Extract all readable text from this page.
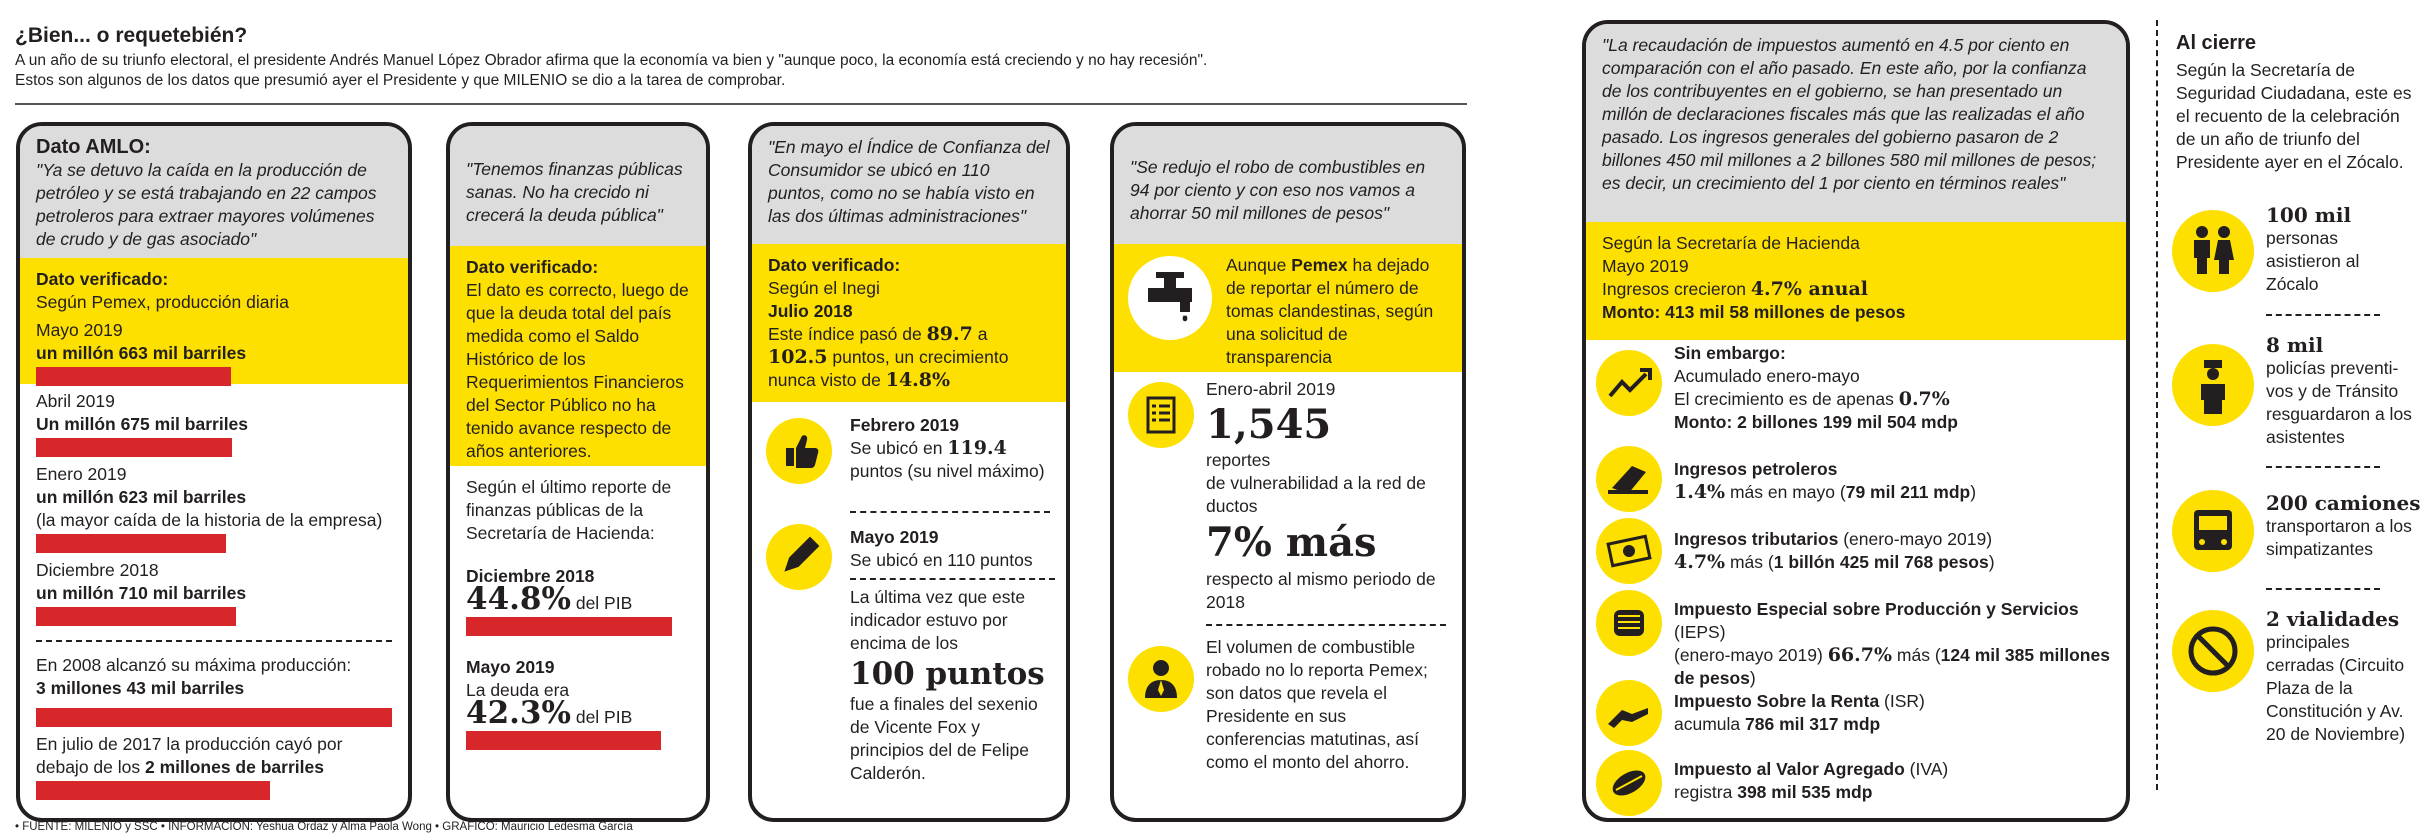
¿Bien... o requetebién?
A un año de su triunfo electoral, el presidente Andrés Manuel López Obrador afirma que la economía va bien y "aunque poco, la economía está creciendo y no hay recesión".
Estos son algunos de los datos que presumió ayer el Presidente y que MILENIO se dio a la tarea de comprobar.
Dato AMLO:
"Ya se detuvo la caída en la producción de petróleo y se está trabajando en 22 campos petroleros para extraer mayores volúmenes de crudo y de gas asociado"
Dato verificado:
Según Pemex, producción diaria
Mayo 2019
un millón 663 mil barriles
Abril 2019
Un millón 675 mil barriles
Enero 2019
un millón 623 mil barriles
(la mayor caída de la historia de la empresa)
Diciembre 2018
un millón 710 mil barriles
En 2008 alcanzó su máxima producción:
3 millones 43 mil barriles
En julio de 2017 la producción cayó por debajo de los 2 millones de barriles
"Tenemos finanzas públicas sanas. No ha crecido ni crecerá la deuda pública"
Dato verificado:
El dato es correcto, luego de que la deuda total del país medida como el Saldo Histórico de los Requerimientos Financieros del Sector Público no ha tenido avance respecto de años anteriores.
Según el último reporte de finanzas públicas de la Secretaría de Hacienda:
Diciembre 2018
44.8% del PIB
Mayo 2019
La deuda era
42.3% del PIB
"En mayo el Índice de Confianza del Consumidor se ubicó en 110 puntos, como no se había visto en las dos últimas administraciones"
Dato verificado:
Según el Inegi
Julio 2018
Este índice pasó de 89.7 a 102.5 puntos, un crecimiento nunca visto de 14.8%
Febrero 2019
Se ubicó en 119.4
puntos (su nivel máximo)
Mayo 2019
Se ubicó en 110 puntos
La última vez que este indicador estuvo por encima de los
100 puntos
fue a finales del sexenio de Vicente Fox y principios del de Felipe Calderón.
"Se redujo el robo de combustibles en 94 por ciento y con eso nos vamos a ahorrar 50 mil millones de pesos"
Aunque Pemex ha dejado de reportar el número de tomas clandestinas, según una solicitud de transparencia
Enero-abril 2019
1,545
reportes
de vulnerabilidad a la red de ductos
7% más
respecto al mismo periodo de 2018
El volumen de combustible robado no lo reporta Pemex; son datos que revela el Presidente en sus conferencias matutinas, así como el monto del ahorro.
"La recaudación de impuestos aumentó en 4.5 por ciento en comparación con el año pasado. En este año, por la confianza de los contribuyentes en el gobierno, se han presentado un millón de declaraciones fiscales más que las realizadas el año pasado. Los ingresos generales del gobierno pasaron de 2 billones 450 mil millones a 2 billones 580 mil millones de pesos; es decir, un crecimiento del 1 por ciento en términos reales"
Según la Secretaría de Hacienda
Mayo 2019
Ingresos crecieron 4.7% anual
Monto: 413 mil 58 millones de pesos
Sin embargo:
Acumulado enero-mayo
El crecimiento es de apenas 0.7%
Monto: 2 billones 199 mil 504 mdp
Ingresos petroleros
1.4% más en mayo (79 mil 211 mdp)
Ingresos tributarios (enero-mayo 2019)
4.7% más (1 billón 425 mil 768 pesos)
Impuesto Especial sobre Producción y Servicios (IEPS)
(enero-mayo 2019) 66.7% más (124 mil 385 millones de pesos)
Impuesto Sobre la Renta (ISR)
acumula 786 mil 317 mdp
Impuesto al Valor Agregado (IVA)
registra 398 mil 535 mdp
Al cierre
Según la Secretaría de Seguridad Ciudadana, este es el recuento de la celebración de un año de triunfo del Presidente ayer en el Zócalo.
100 mil
personas asistieron al Zócalo
8 mil
policías preventi- vos y de Tránsito resguardaron a los asistentes
200 camiones
transportaron a los simpatizantes
2 vialidades
principales cerradas (Circuito Plaza de la Constitución y Av. 20 de Noviembre)
• FUENTE: MILENIO y SSC • INFORMACIÓN: Yeshua Ordaz y Alma Paola Wong • GRÁFICO: Mauricio Ledesma García
